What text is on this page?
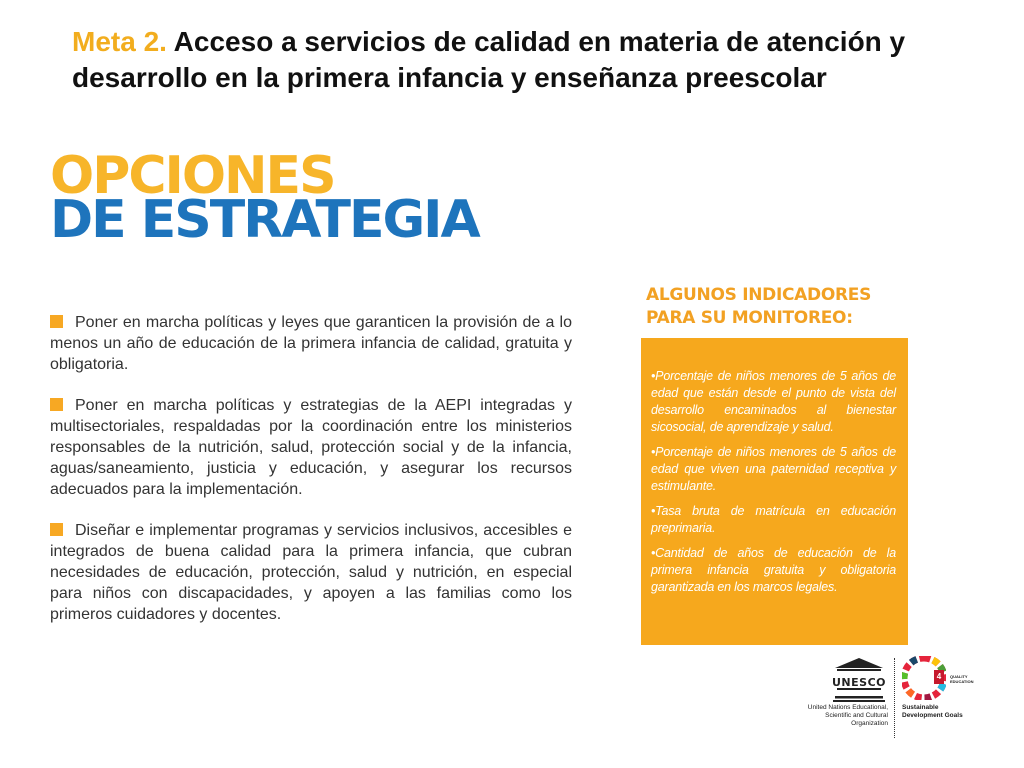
Meta 2. Acceso a servicios de calidad en materia de atención y desarrollo en la primera infancia y enseñanza preescolar
OPCIONES
DE ESTRATEGIA

Poner en marcha políticas y leyes que garanticen la provisión de a lo menos un año de educación de la primera infancia de calidad, gratuita y obligatoria.

Poner en marcha políticas y estrategias de la AEPI integradas y multisectoriales, respaldadas por la coordinación entre los ministerios responsables de la nutrición, salud, protección social y de la infancia, aguas/saneamiento, justicia y educación, y asegurar los recursos adecuados para la implementación.

Diseñar e implementar programas y servicios inclusivos, accesibles e integrados de buena calidad para la primera infancia, que cubran necesidades de educación, protección, salud y nutrición, en especial para niños con discapacidades, y apoyen a las familias como los primeros cuidadores y docentes.

ALGUNOS INDICADORES PARA SU MONITOREO:

•Porcentaje de niños menores de 5 años de edad que están desde el punto de vista del desarrollo encaminados al bienestar sicosocial, de aprendizaje y salud.

•Porcentaje de niños menores de 5 años de edad que viven una paternidad receptiva y estimulante.

•Tasa bruta de matrícula en educación preprimaria.

•Cantidad de años de educación de la primera infancia gratuita y obligatoria garantizada en los marcos legales.

UNESCO
United Nations Educational, Scientific and Cultural Organization
4	QUALITY EDUCATION
Sustainable Development Goals
